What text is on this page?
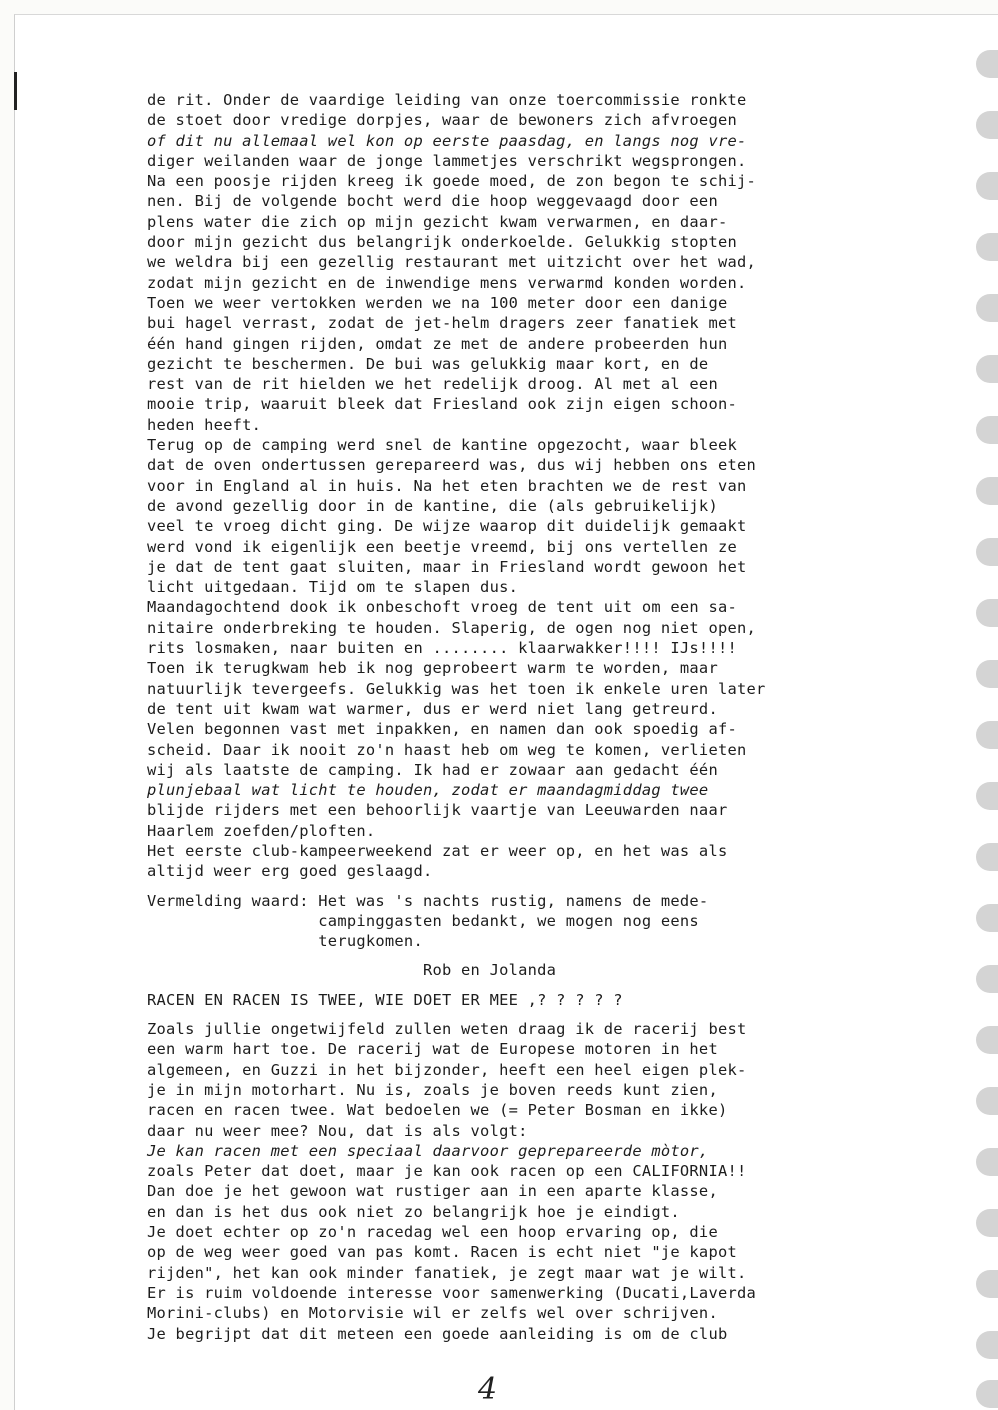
de rit. Onder de vaardige leiding van onze toercommissie ronkte
de stoet door vredige dorpjes, waar de bewoners zich afvroegen
of dit nu allemaal wel kon op eerste paasdag, en langs nog vre-
diger weilanden waar de jonge lammetjes verschrikt wegsprongen.
Na een poosje rijden kreeg ik goede moed, de zon begon te schij-
nen. Bij de volgende bocht werd die hoop weggevaagd door een
plens water die zich op mijn gezicht kwam verwarmen, en daar-
door mijn gezicht dus belangrijk onderkoelde. Gelukkig stopten
we weldra bij een gezellig restaurant met uitzicht over het wad,
zodat mijn gezicht en de inwendige mens verwarmd konden worden.
Toen we weer vertokken werden we na 100 meter door een danige
bui hagel verrast, zodat de jet-helm dragers zeer fanatiek met
één hand gingen rijden, omdat ze met de andere probeerden hun
gezicht te beschermen. De bui was gelukkig maar kort, en de
rest van de rit hielden we het redelijk droog. Al met al een
mooie trip, waaruit bleek dat Friesland ook zijn eigen schoon-
heden heeft.
Terug op de camping werd snel de kantine opgezocht, waar bleek
dat de oven ondertussen gerepareerd was, dus wij hebben ons eten
voor in England al in huis. Na het eten brachten we de rest van
de avond gezellig door in de kantine, die (als gebruikelijk)
veel te vroeg dicht ging. De wijze waarop dit duidelijk gemaakt
werd vond ik eigenlijk een beetje vreemd, bij ons vertellen ze
je dat de tent gaat sluiten, maar in Friesland wordt gewoon het
licht uitgedaan. Tijd om te slapen dus.
Maandagochtend dook ik onbeschoft vroeg de tent uit om een sa-
nitaire onderbreking te houden. Slaperig, de ogen nog niet open,
rits losmaken, naar buiten en ........ klaarwakker!!!! IJs!!!!
Toen ik terugkwam heb ik nog geprobeert warm te worden, maar
natuurlijk tevergeefs. Gelukkig was het toen ik enkele uren later
de tent uit kwam wat warmer, dus er werd niet lang getreurd.
Velen begonnen vast met inpakken, en namen dan ook spoedig af-
scheid. Daar ik nooit zo'n haast heb om weg te komen, verlieten
wij als laatste de camping. Ik had er zowaar aan gedacht één
plunjebaal wat licht te houden, zodat er maandagmiddag twee
blijde rijders met een behoorlijk vaartje van Leeuwarden naar
Haarlem zoefden/ploften.
Het eerste club-kampeerweekend zat er weer op, en het was als
altijd weer erg goed geslaagd.
Vermelding waard: Het was 's nachts rustig, namens de mede-
campinggasten bedankt, we mogen nog eens
terugkomen.
Rob en Jolanda
RACEN EN RACEN IS TWEE, WIE DOET ER MEE ,? ? ? ? ?
Zoals jullie ongetwijfeld zullen weten draag ik de racerij best
een warm hart toe. De racerij wat de Europese motoren in het
algemeen, en Guzzi in het bijzonder, heeft een heel eigen plek-
je in mijn motorhart. Nu is, zoals je boven reeds kunt zien,
racen en racen twee. Wat bedoelen we (= Peter Bosman en ikke)
daar nu weer mee? Nou, dat is als volgt:
Je kan racen met een speciaal daarvoor geprepareerde mòtor,
zoals Peter dat doet, maar je kan ook racen op een CALIFORNIA!!
Dan doe je het gewoon wat rustiger aan in een aparte klasse,
en dan is het dus ook niet zo belangrijk hoe je eindigt.
Je doet echter op zo'n racedag wel een hoop ervaring op, die
op de weg weer goed van pas komt. Racen is echt niet "je kapot
rijden", het kan ook minder fanatiek, je zegt maar wat je wilt.
Er is ruim voldoende interesse voor samenwerking (Ducati,Laverda
Morini-clubs) en Motorvisie wil er zelfs wel over schrijven.
Je begrijpt dat dit meteen een goede aanleiding is om de club
4
